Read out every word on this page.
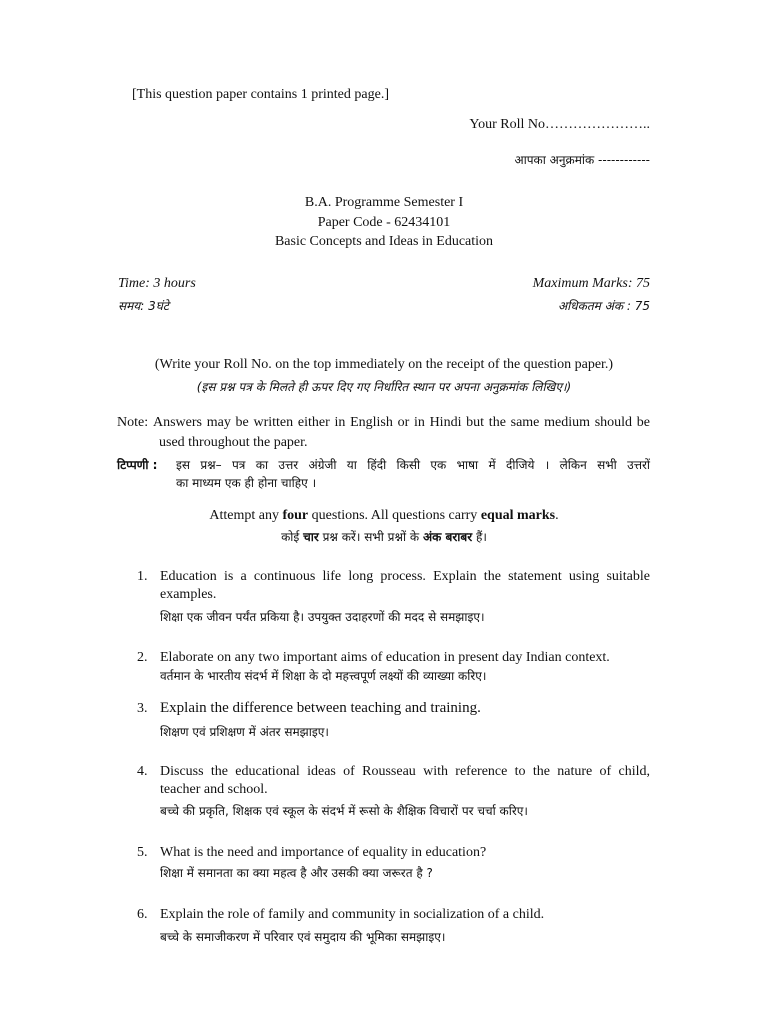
[This question paper contains 1 printed page.]
Your Roll No…………………..
आपका अनुक्रमांक ------------
B.A. Programme Semester I
Paper Code - 62434101
Basic Concepts and Ideas in Education
Time: 3 hours
समय: 3घंटे
Maximum Marks: 75
अधिकतम अंक : 75
(Write your Roll No. on the top immediately on the receipt of the question paper.)
(इस प्रश्न पत्र के मिलते ही ऊपर दिए गए निर्धारित स्थान पर अपना अनुक्रमांक लिखिए।)
Note: Answers may be written either in English or in Hindi but the same medium should be
used throughout the paper.
टिप्पणी : इस प्रश्न– पत्र का उत्तर अंग्रेजी या हिंदी किसी एक भाषा में दीजिये । लेकिन सभी उत्तरों
का माध्यम एक ही होना चाहिए ।
Attempt any four questions. All questions carry equal marks.
कोई चार प्रश्न करें। सभी प्रश्नों के अंक बराबर हैं।
1. Education is a continuous life long process. Explain the statement using suitable
examples.
शिक्षा एक जीवन पर्यंत प्रकिया है। उपयुक्त उदाहरणों की मदद से समझाइए।
2. Elaborate on any two important aims of education in present day Indian context.
वर्तमान के भारतीय संदर्भ में शिक्षा के दो महत्त्वपूर्ण लक्ष्यों की व्याख्या करिए।
3. Explain the difference between teaching and training.
शिक्षण एवं प्रशिक्षण में अंतर समझाइए।
4. Discuss the educational ideas of Rousseau with reference to the nature of child,
teacher and school.
बच्चे की प्रकृति, शिक्षक एवं स्कूल के संदर्भ में रूसो के शैक्षिक विचारों पर चर्चा करिए।
5. What is the need and importance of equality in education?
शिक्षा में समानता का क्या महत्व है और उसकी क्या जरूरत है ?
6. Explain the role of family and community in socialization of a child.
बच्चे के समाजीकरण में परिवार एवं समुदाय की भूमिका समझाइए।
